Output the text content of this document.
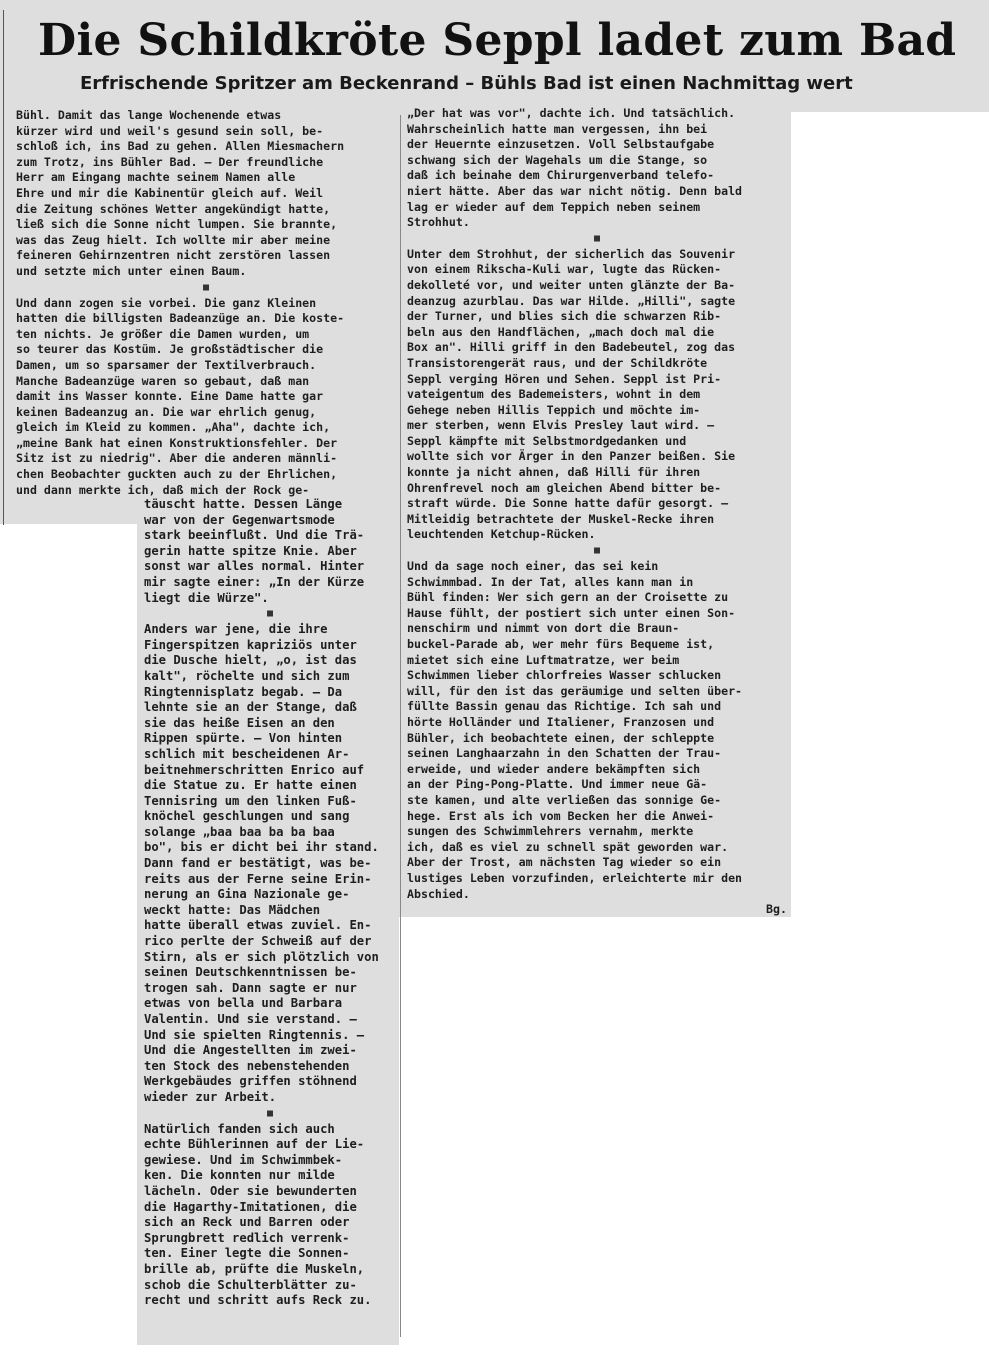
Die Schildkröte Seppl ladet zum Bad
Erfrischende Spritzer am Beckenrand – Bühls Bad ist einen Nachmittag wert

Bühl. Damit das lange Wochenende etwas
kürzer wird und weil's gesund sein soll, be-
schloß ich, ins Bad zu gehen. Allen Miesmachern
zum Trotz, ins Bühler Bad. — Der freundliche
Herr am Eingang machte seinem Namen alle
Ehre und mir die Kabinentür gleich auf. Weil
die Zeitung schönes Wetter angekündigt hatte,
ließ sich die Sonne nicht lumpen. Sie brannte,
was das Zeug hielt. Ich wollte mir aber meine
feineren Gehirnzentren nicht zerstören lassen
und setzte mich unter einen Baum.

■

Und dann zogen sie vorbei. Die ganz Kleinen
hatten die billigsten Badeanzüge an. Die koste-
ten nichts. Je größer die Damen wurden, um
so teurer das Kostüm. Je großstädtischer die
Damen, um so sparsamer der Textilverbrauch.
Manche Badeanzüge waren so gebaut, daß man
damit ins Wasser konnte. Eine Dame hatte gar
keinen Badeanzug an. Die war ehrlich genug,
gleich im Kleid zu kommen. „Aha", dachte ich,
„meine Bank hat einen Konstruktionsfehler. Der
Sitz ist zu niedrig". Aber die anderen männli-
chen Beobachter guckten auch zu der Ehrlichen,
und dann merkte ich, daß mich der Rock ge-

täuscht hatte. Dessen Länge
war von der Gegenwartsmode
stark beeinflußt. Und die Trä-
gerin hatte spitze Knie. Aber
sonst war alles normal. Hinter
mir sagte einer: „In der Kürze
liegt die Würze".

■

Anders war jene, die ihre
Fingerspitzen kapriziös unter
die Dusche hielt, „o, ist das
kalt", röchelte und sich zum
Ringtennisplatz begab. — Da
lehnte sie an der Stange, daß
sie das heiße Eisen an den
Rippen spürte. — Von hinten
schlich mit bescheidenen Ar-
beitnehmerschritten Enrico auf
die Statue zu. Er hatte einen
Tennisring um den linken Fuß-
knöchel geschlungen und sang
solange „baa baa ba ba baa
bo", bis er dicht bei ihr stand.
Dann fand er bestätigt, was be-
reits aus der Ferne seine Erin-
nerung an Gina Nazionale ge-
weckt hatte: Das Mädchen
hatte überall etwas zuviel. En-
rico perlte der Schweiß auf der
Stirn, als er sich plötzlich von
seinen Deutschkenntnissen be-
trogen sah. Dann sagte er nur
etwas von bella und Barbara
Valentin. Und sie verstand. —
Und sie spielten Ringtennis. —
Und die Angestellten im zwei-
ten Stock des nebenstehenden
Werkgebäudes griffen stöhnend
wieder zur Arbeit.

■

Natürlich fanden sich auch
echte Bühlerinnen auf der Lie-
gewiese. Und im Schwimmbek-
ken. Die konnten nur milde
lächeln. Oder sie bewunderten
die Hagarthy-Imitationen, die
sich an Reck und Barren oder
Sprungbrett redlich verrenk-
ten. Einer legte die Sonnen-
brille ab, prüfte die Muskeln,
schob die Schulterblätter zu-
recht und schritt aufs Reck zu.

„Der hat was vor", dachte ich. Und tatsächlich.
Wahrscheinlich hatte man vergessen, ihn bei
der Heuernte einzusetzen. Voll Selbstaufgabe
schwang sich der Wagehals um die Stange, so
daß ich beinahe dem Chirurgenverband telefo-
niert hätte. Aber das war nicht nötig. Denn bald
lag er wieder auf dem Teppich neben seinem
Strohhut.

■

Unter dem Strohhut, der sicherlich das Souvenir
von einem Rikscha-Kuli war, lugte das Rücken-
dekolleté vor, und weiter unten glänzte der Ba-
deanzug azurblau. Das war Hilde. „Hilli", sagte
der Turner, und blies sich die schwarzen Rib-
beln aus den Handflächen, „mach doch mal die
Box an". Hilli griff in den Badebeutel, zog das
Transistorengerät raus, und der Schildkröte
Seppl verging Hören und Sehen. Seppl ist Pri-
vateigentum des Bademeisters, wohnt in dem
Gehege neben Hillis Teppich und möchte im-
mer sterben, wenn Elvis Presley laut wird. —
Seppl kämpfte mit Selbstmordgedanken und
wollte sich vor Ärger in den Panzer beißen. Sie
konnte ja nicht ahnen, daß Hilli für ihren
Ohrenfrevel noch am gleichen Abend bitter be-
straft würde. Die Sonne hatte dafür gesorgt. —
Mitleidig betrachtete der Muskel-Recke ihren
leuchtenden Ketchup-Rücken.

■

Und da sage noch einer, das sei kein
Schwimmbad. In der Tat, alles kann man in
Bühl finden: Wer sich gern an der Croisette zu
Hause fühlt, der postiert sich unter einen Son-
nenschirm und nimmt von dort die Braun-
buckel-Parade ab, wer mehr fürs Bequeme ist,
mietet sich eine Luftmatratze, wer beim
Schwimmen lieber chlorfreies Wasser schlucken
will, für den ist das geräumige und selten über-
füllte Bassin genau das Richtige. Ich sah und
hörte Holländer und Italiener, Franzosen und
Bühler, ich beobachtete einen, der schleppte
seinen Langhaarzahn in den Schatten der Trau-
erweide, und wieder andere bekämpften sich
an der Ping-Pong-Platte. Und immer neue Gä-
ste kamen, und alte verließen das sonnige Ge-
hege. Erst als ich vom Becken her die Anwei-
sungen des Schwimmlehrers vernahm, merkte
ich, daß es viel zu schnell spät geworden war.
Aber der Trost, am nächsten Tag wieder so ein
lustiges Leben vorzufinden, erleichterte mir den
Abschied.

Bg.
